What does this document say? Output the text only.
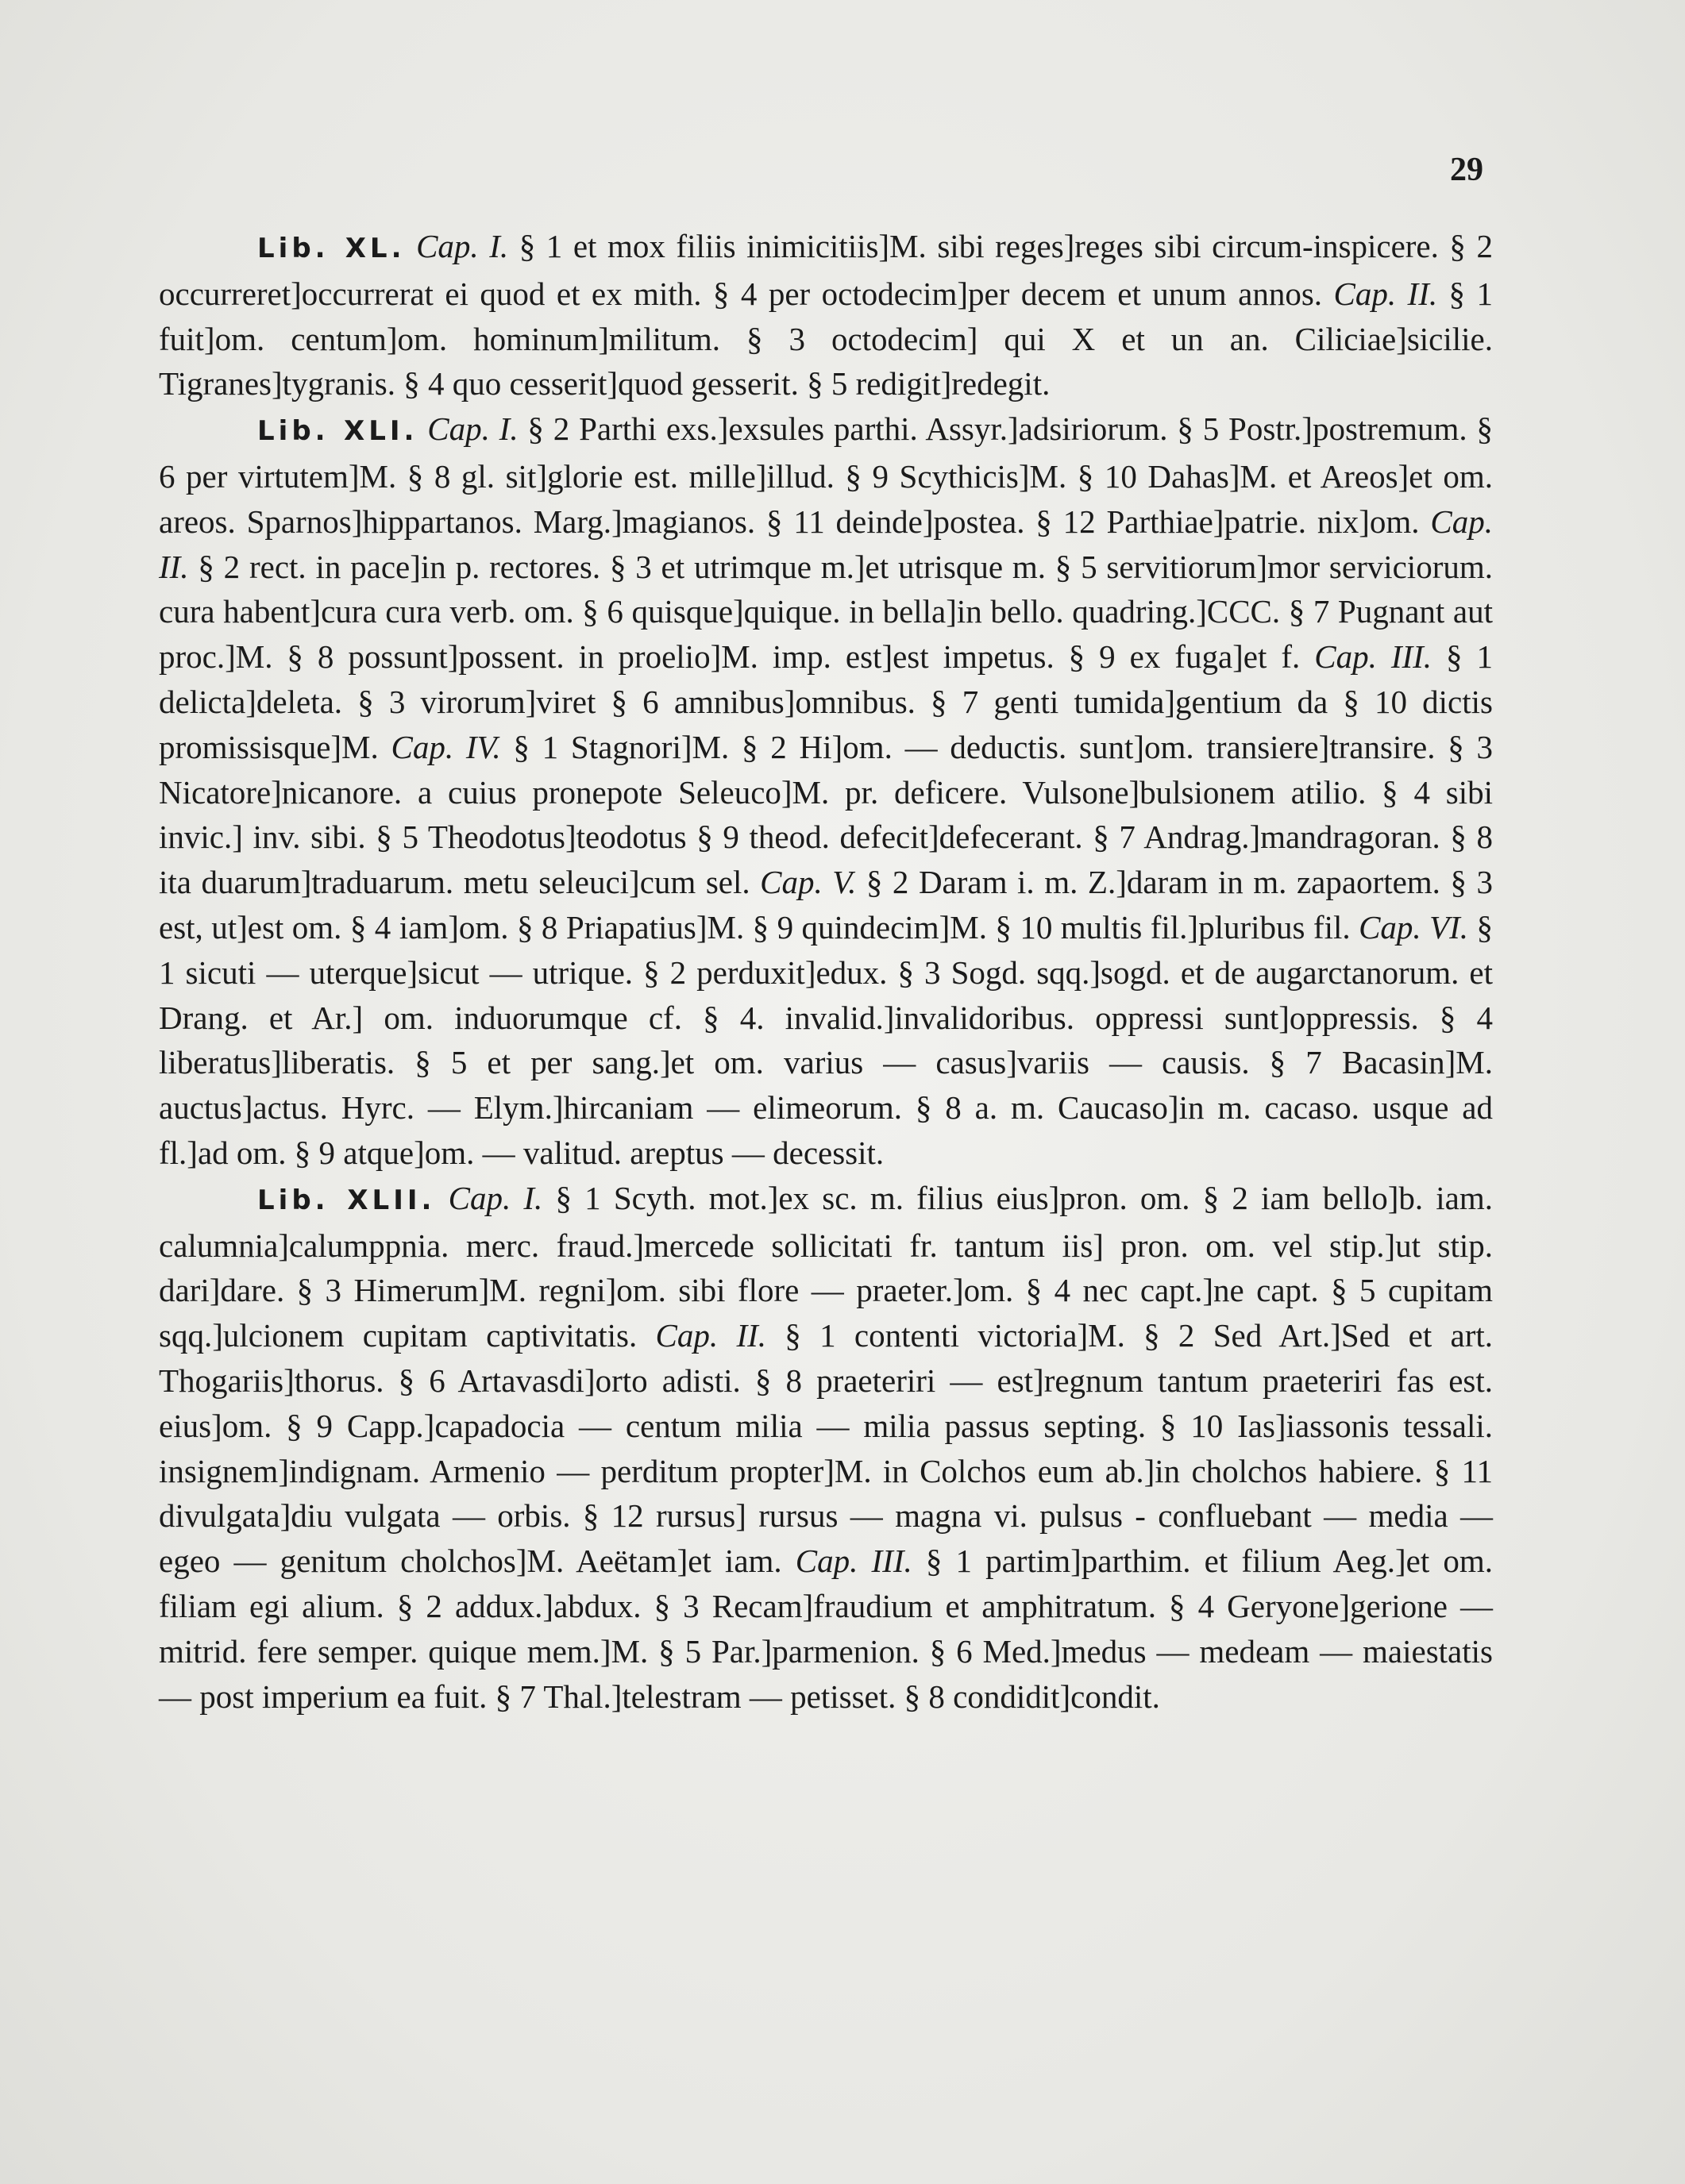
29

Lib. XL. Cap. I. § 1 et mox filiis inimicitiis]M. sibi reges]reges sibi circum-inspicere. § 2 occurreret]occurrerat ei quod et ex mith. § 4 per octodecim]per decem et unum annos. Cap. II. § 1 fuit]om. centum]om. hominum]militum. § 3 octodecim] qui X et un an. Ciliciae]sicilie. Tigranes]tygranis. § 4 quo cesserit]quod gesserit. § 5 redigit]redegit.

Lib. XLI. Cap. I. § 2 Parthi exs.]exsules parthi. Assyr.]adsiriorum. § 5 Postr.]postremum. § 6 per virtutem]M. § 8 gl. sit]glorie est. mille]illud. § 9 Scythicis]M. § 10 Dahas]M. et Areos]et om. areos. Sparnos]hippartanos. Marg.]magianos. § 11 deinde]postea. § 12 Parthiae]patrie. nix]om. Cap. II. § 2 rect. in pace]in p. rectores. § 3 et utrimque m.]et utrisque m. § 5 servitiorum]mor serviciorum. cura habent]cura cura verb. om. § 6 quisque]quique. in bella]in bello. quadring.]CCC. § 7 Pugnant aut proc.]M. § 8 possunt]possent. in proelio]M. imp. est]est impetus. § 9 ex fuga]et f. Cap. III. § 1 delicta]deleta. § 3 virorum]viret § 6 amnibus]omnibus. § 7 genti tumida]gentium da § 10 dictis promissisque]M. Cap. IV. § 1 Stagnori]M. § 2 Hi]om. — deductis. sunt]om. transiere]transire. § 3 Nicatore]nicanore. a cuius pronepote Seleuco]M. pr. deficere. Vulsone]bulsionem atilio. § 4 sibi invic.] inv. sibi. § 5 Theodotus]teodotus § 9 theod. defecit]defecerant. § 7 Andrag.]mandragoran. § 8 ita duarum]traduarum. metu seleuci]cum sel. Cap. V. § 2 Daram i. m. Z.]daram in m. zapaortem. § 3 est, ut]est om. § 4 iam]om. § 8 Priapatius]M. § 9 quindecim]M. § 10 multis fil.]pluribus fil. Cap. VI. § 1 sicuti — uterque]sicut — utrique. § 2 perduxit]edux. § 3 Sogd. sqq.]sogd. et de augarctanorum. et Drang. et Ar.] om. induorumque cf. § 4. invalid.]invalidoribus. oppressi sunt]oppressis. § 4 liberatus]liberatis. § 5 et per sang.]et om. varius — casus]variis — causis. § 7 Bacasin]M. auctus]actus. Hyrc. — Elym.]hircaniam — elimeorum. § 8 a. m. Caucaso]in m. cacaso. usque ad fl.]ad om. § 9 atque]om. — valitud. areptus — decessit.

Lib. XLII. Cap. I. § 1 Scyth. mot.]ex sc. m. filius eius]pron. om. § 2 iam bello]b. iam. calumnia]calumppnia. merc. fraud.]mercede sollicitati fr. tantum iis] pron. om. vel stip.]ut stip. dari]dare. § 3 Himerum]M. regni]om. sibi flore — praeter.]om. § 4 nec capt.]ne capt. § 5 cupitam sqq.]ulcionem cupitam captivitatis. Cap. II. § 1 contenti victoria]M. § 2 Sed Art.]Sed et art. Thogariis]thorus. § 6 Artavasdi]orto adisti. § 8 praeteriri — est]regnum tantum praeteriri fas est. eius]om. § 9 Capp.]capadocia — centum milia — milia passus septing. § 10 Ias]iassonis tessali. insignem]indignam. Armenio — perditum propter]M. in Colchos eum ab.]in cholchos habiere. § 11 divulgata]diu vulgata — orbis. § 12 rursus] rursus — magna vi. pulsus - confluebant — media — egeo — genitum cholchos]M. Aeëtam]et iam. Cap. III. § 1 partim]parthim. et filium Aeg.]et om. filiam egi alium. § 2 addux.]abdux. § 3 Recam]fraudium et amphitratum. § 4 Geryone]gerione — mitrid. fere semper. quique mem.]M. § 5 Par.]parmenion. § 6 Med.]medus — medeam — maiestatis — post imperium ea fuit. § 7 Thal.]telestram — petisset. § 8 condidit]condit.
